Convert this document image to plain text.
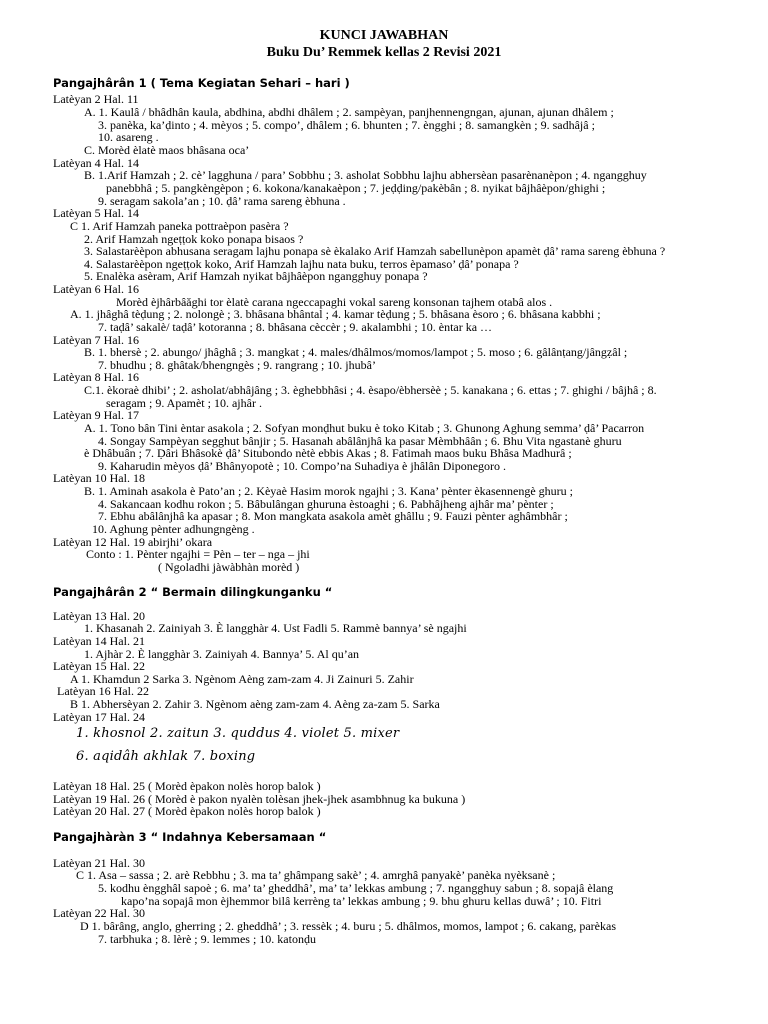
KUNCI JAWABHAN
Buku Du’ Remmek kellas 2 Revisi 2021
Pangajhârân 1 ( Tema Kegiatan Sehari – hari )
Latèyan 2 Hal. 11
A. 1. Kaulâ / bhâdhân kaula, abdhina, abdhi dhâlem ; 2. sampèyan, panjhennengngan, ajunan, ajunan dhâlem ;
3. panèka, ka’ḍinto ; 4. mèyos ; 5. compo’, dhâlem ; 6. bhunten ; 7. èngghi ; 8. samangkèn ; 9. sadhâjâ ;
10. asareng .
C. Morèd èlatè maos bhâsana oca’
Latèyan 4 Hal. 14
B. 1.Arif Hamzah ; 2. cè’ lagghuna / para’ Sobbhu ; 3. asholat Sobbhu lajhu abhersèan pasarènanèpon ; 4. ngangghuy
panebbhâ ; 5. pangkèngèpon ; 6. kokona/kanakaèpon ; 7. jeḍḍing/pakèbân ; 8. nyikat bâjhâèpon/ghighi ;
9. seragam sakola’an ; 10. ḍâ’ rama sareng èbhuna .
Latèyan 5 Hal. 14
C 1. Arif Hamzah paneka pottraèpon pasèra ?
2. Arif Hamzah ngeṭṭok koko ponapa bisaos ?
3. Salastarèèpon abhusana seragam lajhu ponapa sè èkalako Arif Hamzah sabellunèpon apamèt ḍâ’ rama sareng èbhuna ?
4. Salastarèèpon ngeṭṭok koko, Arif Hamzah lajhu nata buku, terros èpamaso’ ḍâ’ ponapa ?
5. Enalèka asèram, Arif Hamzah nyikat bâjhâèpon ngangghuy ponapa ?
Latèyan 6 Hal. 16
Morèd èjhârbâăghi tor èlatè carana ngeccapaghi vokal sareng konsonan tajhem otabâ alos .
A. 1. jhâghâ tèḍung ; 2. nolongè ; 3. bhâsana bhântal ; 4. kamar tèḍung ; 5. bhâsana èsoro ; 6. bhâsana kabbhi ;
7. taḍâ’ sakalè/ taḍâ’ kotoranna ; 8. bhâsana cèccèr ; 9. akalambhi ; 10. èntar ka …
Latèyan 7 Hal. 16
B. 1. bhersè ; 2. abungo/ jhâghâ ; 3. mangkat ; 4. males/dhâlmos/momos/lampot ; 5. moso ; 6. gâlânṭang/jângẓâl ;
7. bhudhu ; 8. ghâtak/bhengngès ; 9. rangrang ; 10. jhubâ’
Latèyan 8 Hal. 16
C.1. èkoraè dhibi’ ; 2. asholat/abhâjâng ; 3. èghebbhâsi ; 4. èsapo/èbhersèè ; 5. kanakana ; 6. ettas ; 7. ghighi / bâjhâ ; 8.
seragam ; 9. Apamèt ; 10. ajhâr .
Latèyan 9 Hal. 17
A. 1. Tono bân Tini èntar asakola ; 2. Sofyan monḍhut buku è toko Kitab ; 3. Ghunong Aghung semma’ ḍâ’ Pacarron
4. Songay Sampèyan segghut bânjir ; 5. Hasanah abâlânjhâ ka pasar Mèmbhâân ; 6. Bhu Vita ngastanè ghuru
è Dhâbuân ; 7. Ḍâri Bhâsokè ḍâ’ Situbondo nètè ebbis Akas ; 8. Fatimah maos buku Bhâsa Madhurâ ;
9. Kaharudin mèyos ḍâ’ Bhânyopotè ; 10. Compo’na Suhadiya è jhâlân Diponegoro .
Latèyan 10 Hal. 18
B. 1. Aminah asakola è Pato’an ; 2. Kèyaè Hasim morok ngajhi ; 3. Kana’ pènter èkasennengè ghuru ;
4. Sakancaan kodhu rokon ; 5. Bâbulângan ghuruna èstoaghi ; 6. Pabhâjheng ajhâr ma’ pènter ;
7. Ebhu abâlânjhâ ka apasar ; 8. Mon mangkata asakola amèt ghâllu ; 9. Fauzi pènter aghâmbhâr ;
10. Aghung pènter adhungngèng .
Latèyan 12 Hal. 19 abirjhi’ okara
Conto : 1. Pènter ngajhi = Pèn – ter – nga – jhi
( Ngoladhi jàwàbhàn morèd )
Pangajhârân 2 “ Bermain dilingkunganku “
Latèyan 13 Hal. 20
1. Khasanah 2. Zainiyah 3. È langghàr 4. Ust Fadli 5. Rammè bannya’ sè ngajhi
Latèyan 14 Hal. 21
1. Ajhàr 2. È langghàr 3. Zainiyah 4. Bannya’ 5. Al qu’an
Latèyan 15 Hal. 22
A 1. Khamdun 2 Sarka 3. Ngènom Aèng zam-zam 4. Ji Zainuri 5. Zahir
Latèyan 16 Hal. 22
B 1. Abhersèyan 2. Zahir 3. Ngènom aèng zam-zam 4. Aèng za-zam 5. Sarka
Latèyan 17 Hal. 24
1. khosnol 2. zaitun 3. quddus 4. violet 5. mixer
6. aqidâh akhlak 7. boxing
Latèyan 18 Hal. 25 ( Morèd èpakon nolès horop balok )
Latèyan 19 Hal. 26 ( Morèd è pakon nyalèn tolèsan jhek-jhek asambhnug ka bukuna )
Latèyan 20 Hal. 27 ( Morèd èpakon nolès horop balok )
Pangajhàràn 3 “ Indahnya Kebersamaan “
Latèyan 21 Hal. 30
C 1. Asa – sassa ; 2. arè Rebbhu ; 3. ma ta’ ghâmpang sakè’ ; 4. amrghâ panyakè’ panèka nyèksanè ;
5. kodhu èngghâl sapoè ; 6. ma’ ta’ gheddhâ’, ma’ ta’ lekkas ambung ; 7. ngangghuy sabun ; 8. sopajâ èlang
kapo’na sopajâ mon èjhemmor bilâ kerrèng ta’ lekkas ambung ; 9. bhu ghuru kellas duwâ’ ; 10. Fitri
Latèyan 22 Hal. 30
D 1. bârâng, anglo, gherring ; 2. gheddhâ’ ; 3. ressèk ; 4. buru ; 5. dhâlmos, momos, lampot ; 6. cakang, parèkas
7. tarbhuka ; 8. lèrè ; 9. lemmes ; 10. katonḍu
